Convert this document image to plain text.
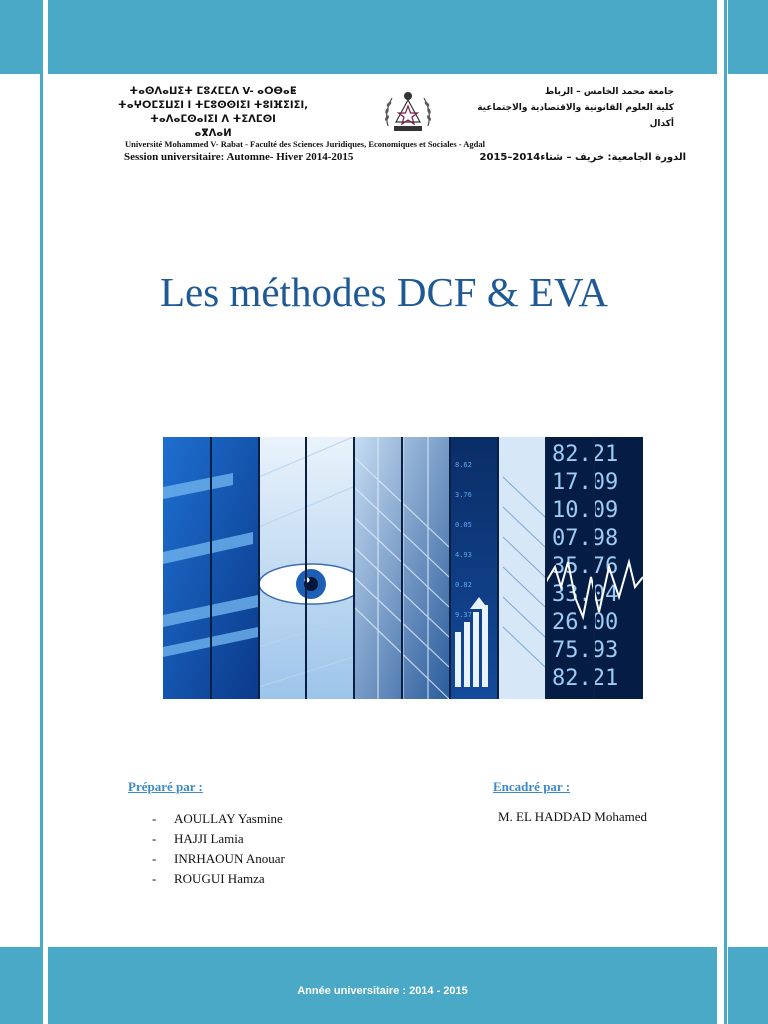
ⵜⴰⵙⴷⴰⵡⵉⵜ ⵎⵓⵃⵎⵎⴷ V- ⴰⵔⴱⴰⵟ
ⵜⴰⵖⵔⵎⵉⵡⵉⵏ ⵏ ⵜⵎⵓⵙⵙⵏⵉⵏ ⵜⵓⵏⴼⵉⵏⵉⵏ,
ⵜⴰⴷⴰⵎⵙⴰⵏⵉⵏ ⴷ ⵜⵉⴷⵎⵙⵏ
ⴰⴳⴷⴰⵍ
جامعة محمد الخامس – الرباط
كلية العلوم القانونية والاقتصادية والاجتماعية
أكدال
Université Mohammed V- Rabat - Faculté des Sciences Juridiques, Economiques et Sociales - Agdal
Session universitaire: Automne- Hiver 2014-2015	الدورة الجامعية: خريف – شتاء2014–2015
Les méthodes DCF & EVA
8.62
3.76
0.05
4.93
0.82
9.37
82.21
17.09
10.09
07.98
35.76
33.04
26.00
75.93
82.21
Préparé par :
- AOULLAY Yasmine
- HAJJI Lamia
- INRHAOUN Anouar
- ROUGUI Hamza
Encadré par :
M. EL HADDAD Mohamed
Année universitaire : 2014 - 2015
